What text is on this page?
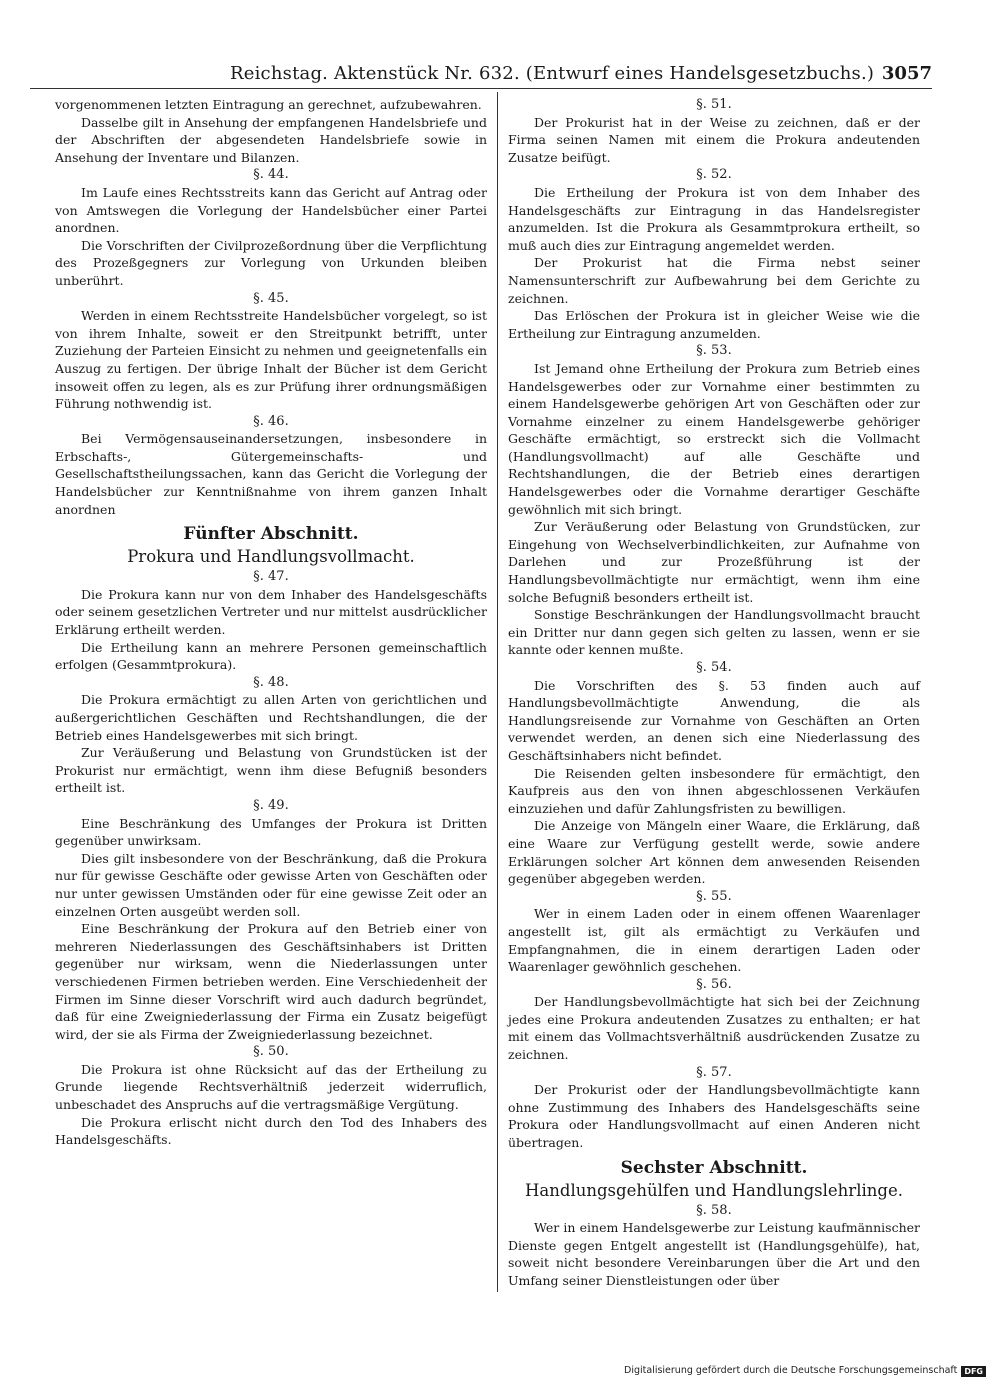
Reichstag. Aktenstück Nr. 632. (Entwurf eines Handelsgesetzbuchs.) 3057

vorgenommenen letzten Eintragung an gerechnet, aufzubewahren.

Dasselbe gilt in Ansehung der empfangenen Handelsbriefe und der Abschriften der abgesendeten Handelsbriefe sowie in Ansehung der Inventare und Bilanzen.

§. 44.

Im Laufe eines Rechtsstreits kann das Gericht auf Antrag oder von Amtswegen die Vorlegung der Handelsbücher einer Partei anordnen.

Die Vorschriften der Civilprozeßordnung über die Verpflichtung des Prozeßgegners zur Vorlegung von Urkunden bleiben unberührt.

§. 45.

Werden in einem Rechtsstreite Handelsbücher vorgelegt, so ist von ihrem Inhalte, soweit er den Streitpunkt betrifft, unter Zuziehung der Parteien Einsicht zu nehmen und geeignetenfalls ein Auszug zu fertigen. Der übrige Inhalt der Bücher ist dem Gericht insoweit offen zu legen, als es zur Prüfung ihrer ordnungsmäßigen Führung nothwendig ist.

§. 46.

Bei Vermögensauseinandersetzungen, insbesondere in Erbschafts-, Gütergemeinschafts- und Gesellschaftstheilungssachen, kann das Gericht die Vorlegung der Handelsbücher zur Kenntnißnahme von ihrem ganzen Inhalt anordnen

Fünfter Abschnitt.
Prokura und Handlungsvollmacht.
§. 47.

Die Prokura kann nur von dem Inhaber des Handelsgeschäfts oder seinem gesetzlichen Vertreter und nur mittelst ausdrücklicher Erklärung ertheilt werden.

Die Ertheilung kann an mehrere Personen gemeinschaftlich erfolgen (Gesammtprokura).

§. 48.

Die Prokura ermächtigt zu allen Arten von gerichtlichen und außergerichtlichen Geschäften und Rechtshandlungen, die der Betrieb eines Handelsgewerbes mit sich bringt.

Zur Veräußerung und Belastung von Grundstücken ist der Prokurist nur ermächtigt, wenn ihm diese Befugniß besonders ertheilt ist.

§. 49.

Eine Beschränkung des Umfanges der Prokura ist Dritten gegenüber unwirksam.

Dies gilt insbesondere von der Beschränkung, daß die Prokura nur für gewisse Geschäfte oder gewisse Arten von Geschäften oder nur unter gewissen Umständen oder für eine gewisse Zeit oder an einzelnen Orten ausgeübt werden soll.

Eine Beschränkung der Prokura auf den Betrieb einer von mehreren Niederlassungen des Geschäftsinhabers ist Dritten gegenüber nur wirksam, wenn die Niederlassungen unter verschiedenen Firmen betrieben werden. Eine Verschiedenheit der Firmen im Sinne dieser Vorschrift wird auch dadurch begründet, daß für eine Zweigniederlassung der Firma ein Zusatz beigefügt wird, der sie als Firma der Zweigniederlassung bezeichnet.

§. 50.

Die Prokura ist ohne Rücksicht auf das der Ertheilung zu Grunde liegende Rechtsverhältniß jederzeit widerruflich, unbeschadet des Anspruchs auf die vertragsmäßige Vergütung.

Die Prokura erlischt nicht durch den Tod des Inhabers des Handelsgeschäfts.

§. 51.

Der Prokurist hat in der Weise zu zeichnen, daß er der Firma seinen Namen mit einem die Prokura andeutenden Zusatze beifügt.

§. 52.

Die Ertheilung der Prokura ist von dem Inhaber des Handelsgeschäfts zur Eintragung in das Handelsregister anzumelden. Ist die Prokura als Gesammtprokura ertheilt, so muß auch dies zur Eintragung angemeldet werden.

Der Prokurist hat die Firma nebst seiner Namensunterschrift zur Aufbewahrung bei dem Gerichte zu zeichnen.

Das Erlöschen der Prokura ist in gleicher Weise wie die Ertheilung zur Eintragung anzumelden.

§. 53.

Ist Jemand ohne Ertheilung der Prokura zum Betrieb eines Handelsgewerbes oder zur Vornahme einer bestimmten zu einem Handelsgewerbe gehörigen Art von Geschäften oder zur Vornahme einzelner zu einem Handelsgewerbe gehöriger Geschäfte ermächtigt, so erstreckt sich die Vollmacht (Handlungsvollmacht) auf alle Geschäfte und Rechtshandlungen, die der Betrieb eines derartigen Handelsgewerbes oder die Vornahme derartiger Geschäfte gewöhnlich mit sich bringt.

Zur Veräußerung oder Belastung von Grundstücken, zur Eingehung von Wechselverbindlichkeiten, zur Aufnahme von Darlehen und zur Prozeßführung ist der Handlungsbevollmächtigte nur ermächtigt, wenn ihm eine solche Befugniß besonders ertheilt ist.

Sonstige Beschränkungen der Handlungsvollmacht braucht ein Dritter nur dann gegen sich gelten zu lassen, wenn er sie kannte oder kennen mußte.

§. 54.

Die Vorschriften des §. 53 finden auch auf Handlungsbevollmächtigte Anwendung, die als Handlungsreisende zur Vornahme von Geschäften an Orten verwendet werden, an denen sich eine Niederlassung des Geschäftsinhabers nicht befindet.

Die Reisenden gelten insbesondere für ermächtigt, den Kaufpreis aus den von ihnen abgeschlossenen Verkäufen einzuziehen und dafür Zahlungsfristen zu bewilligen.

Die Anzeige von Mängeln einer Waare, die Erklärung, daß eine Waare zur Verfügung gestellt werde, sowie andere Erklärungen solcher Art können dem anwesenden Reisenden gegenüber abgegeben werden.

§. 55.

Wer in einem Laden oder in einem offenen Waarenlager angestellt ist, gilt als ermächtigt zu Verkäufen und Empfangnahmen, die in einem derartigen Laden oder Waarenlager gewöhnlich geschehen.

§. 56.

Der Handlungsbevollmächtigte hat sich bei der Zeichnung jedes eine Prokura andeutenden Zusatzes zu enthalten; er hat mit einem das Vollmachtsverhältniß ausdrückenden Zusatze zu zeichnen.

§. 57.

Der Prokurist oder der Handlungsbevollmächtigte kann ohne Zustimmung des Inhabers des Handelsgeschäfts seine Prokura oder Handlungsvollmacht auf einen Anderen nicht übertragen.

Sechster Abschnitt.
Handlungsgehülfen und Handlungslehrlinge.
§. 58.

Wer in einem Handelsgewerbe zur Leistung kaufmännischer Dienste gegen Entgelt angestellt ist (Handlungsgehülfe), hat, soweit nicht besondere Vereinbarungen über die Art und den Umfang seiner Dienstleistungen oder über

Digitalisierung gefördert durch die Deutsche Forschungsgemeinschaft DFG
